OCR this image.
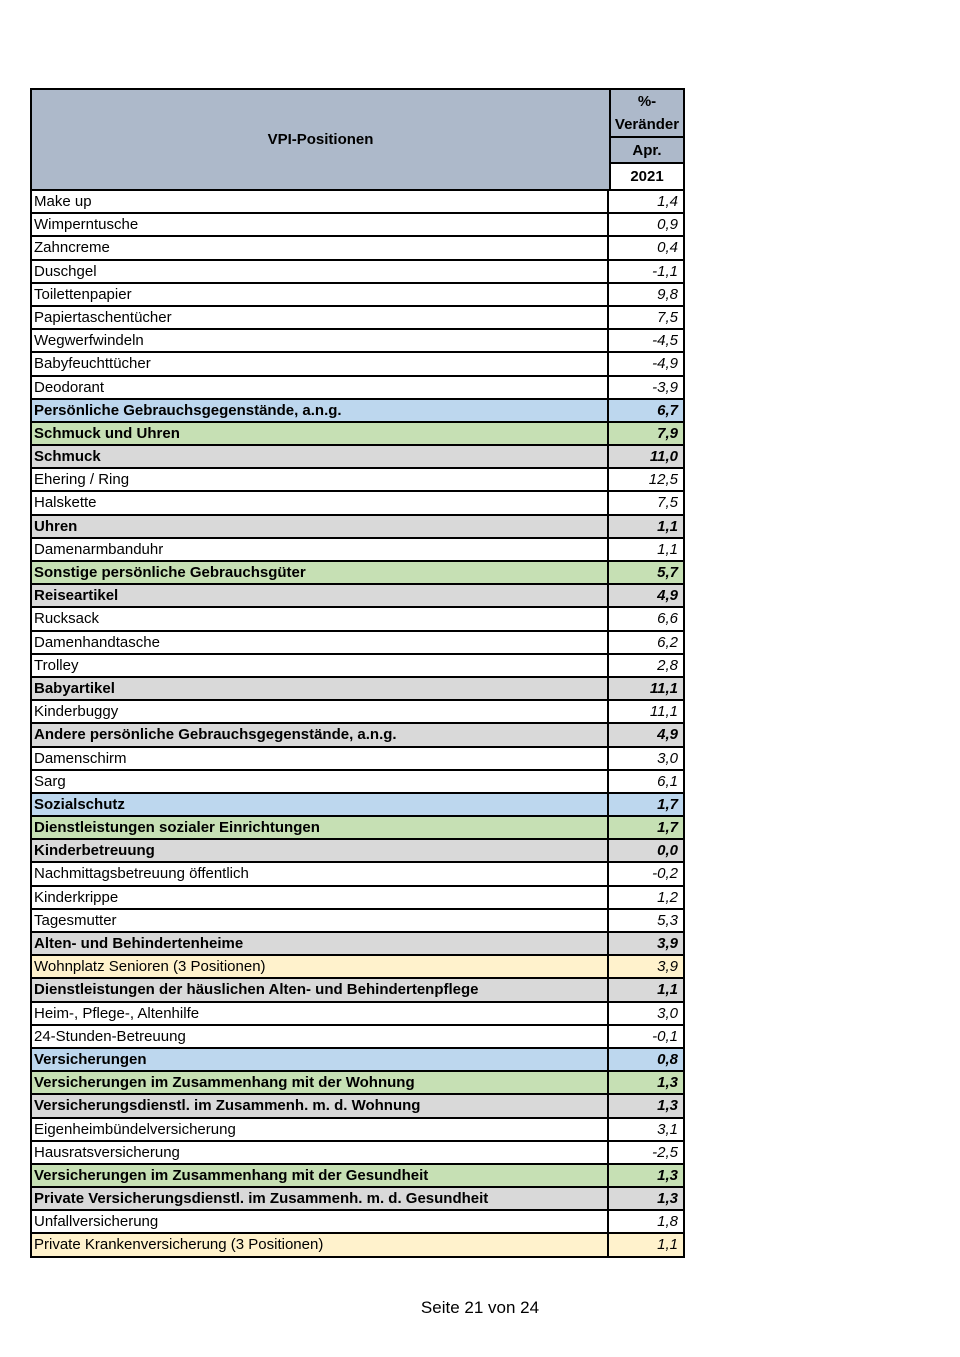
VPI-Positionen
%-
Veränder
Apr.
2021
Make up	1,4
Wimperntusche	0,9
Zahncreme	0,4
Duschgel	-1,1
Toilettenpapier	9,8
Papiertaschentücher	7,5
Wegwerfwindeln	-4,5
Babyfeuchttücher	-4,9
Deodorant	-3,9
Persönliche Gebrauchsgegenstände, a.n.g.	6,7
Schmuck und Uhren	7,9
Schmuck	11,0
Ehering / Ring	12,5
Halskette	7,5
Uhren	1,1
Damenarmbanduhr	1,1
Sonstige persönliche Gebrauchsgüter	5,7
Reiseartikel	4,9
Rucksack	6,6
Damenhandtasche	6,2
Trolley	2,8
Babyartikel	11,1
Kinderbuggy	11,1
Andere persönliche Gebrauchsgegenstände, a.n.g.	4,9
Damenschirm	3,0
Sarg	6,1
Sozialschutz	1,7
Dienstleistungen sozialer Einrichtungen	1,7
Kinderbetreuung	0,0
Nachmittagsbetreuung öffentlich	-0,2
Kinderkrippe	1,2
Tagesmutter	5,3
Alten- und Behindertenheime	3,9
Wohnplatz Senioren (3 Positionen)	3,9
Dienstleistungen der häuslichen Alten- und Behindertenpflege	1,1
Heim-, Pflege-, Altenhilfe	3,0
24-Stunden-Betreuung	-0,1
Versicherungen	0,8
Versicherungen im Zusammenhang mit der Wohnung	1,3
Versicherungsdienstl. im Zusammenh. m. d. Wohnung	1,3
Eigenheimbündelversicherung	3,1
Hausratsversicherung	-2,5
Versicherungen im Zusammenhang mit der Gesundheit	1,3
Private Versicherungsdienstl. im Zusammenh. m. d. Gesundheit	1,3
Unfallversicherung	1,8
Private Krankenversicherung (3 Positionen)	1,1
Seite 21 von 24
